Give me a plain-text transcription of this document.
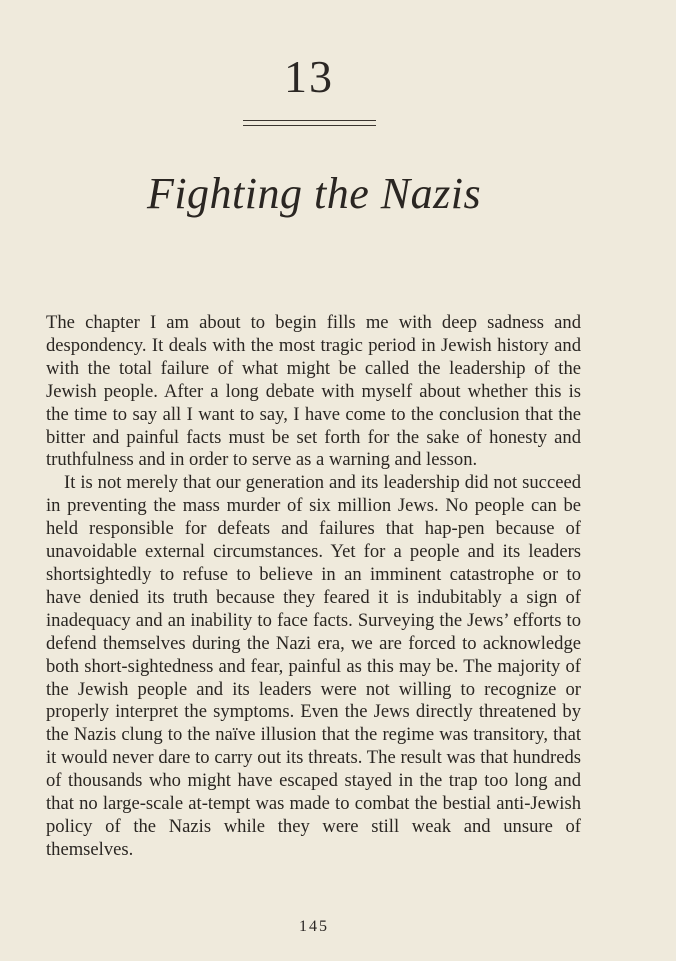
13
Fighting the Nazis

The chapter I am about to begin fills me with deep sadness and despondency. It deals with the most tragic period in Jewish history and with the total failure of what might be called the leadership of the Jewish people. After a long debate with myself about whether this is the time to say all I want to say, I have come to the conclusion that the bitter and painful facts must be set forth for the sake of honesty and truthfulness and in order to serve as a warning and lesson.

It is not merely that our generation and its leadership did not succeed in preventing the mass murder of six million Jews. No people can be held responsible for defeats and failures that hap-pen because of unavoidable external circumstances. Yet for a people and its leaders shortsightedly to refuse to believe in an imminent catastrophe or to have denied its truth because they feared it is indubitably a sign of inadequacy and an inability to face facts. Surveying the Jews’ efforts to defend themselves during the Nazi era, we are forced to acknowledge both short-sightedness and fear, painful as this may be. The majority of the Jewish people and its leaders were not willing to recognize or properly interpret the symptoms. Even the Jews directly threatened by the Nazis clung to the naïve illusion that the regime was transitory, that it would never dare to carry out its threats. The result was that hundreds of thousands who might have escaped stayed in the trap too long and that no large-scale at-tempt was made to combat the bestial anti-Jewish policy of the Nazis while they were still weak and unsure of themselves.

145
